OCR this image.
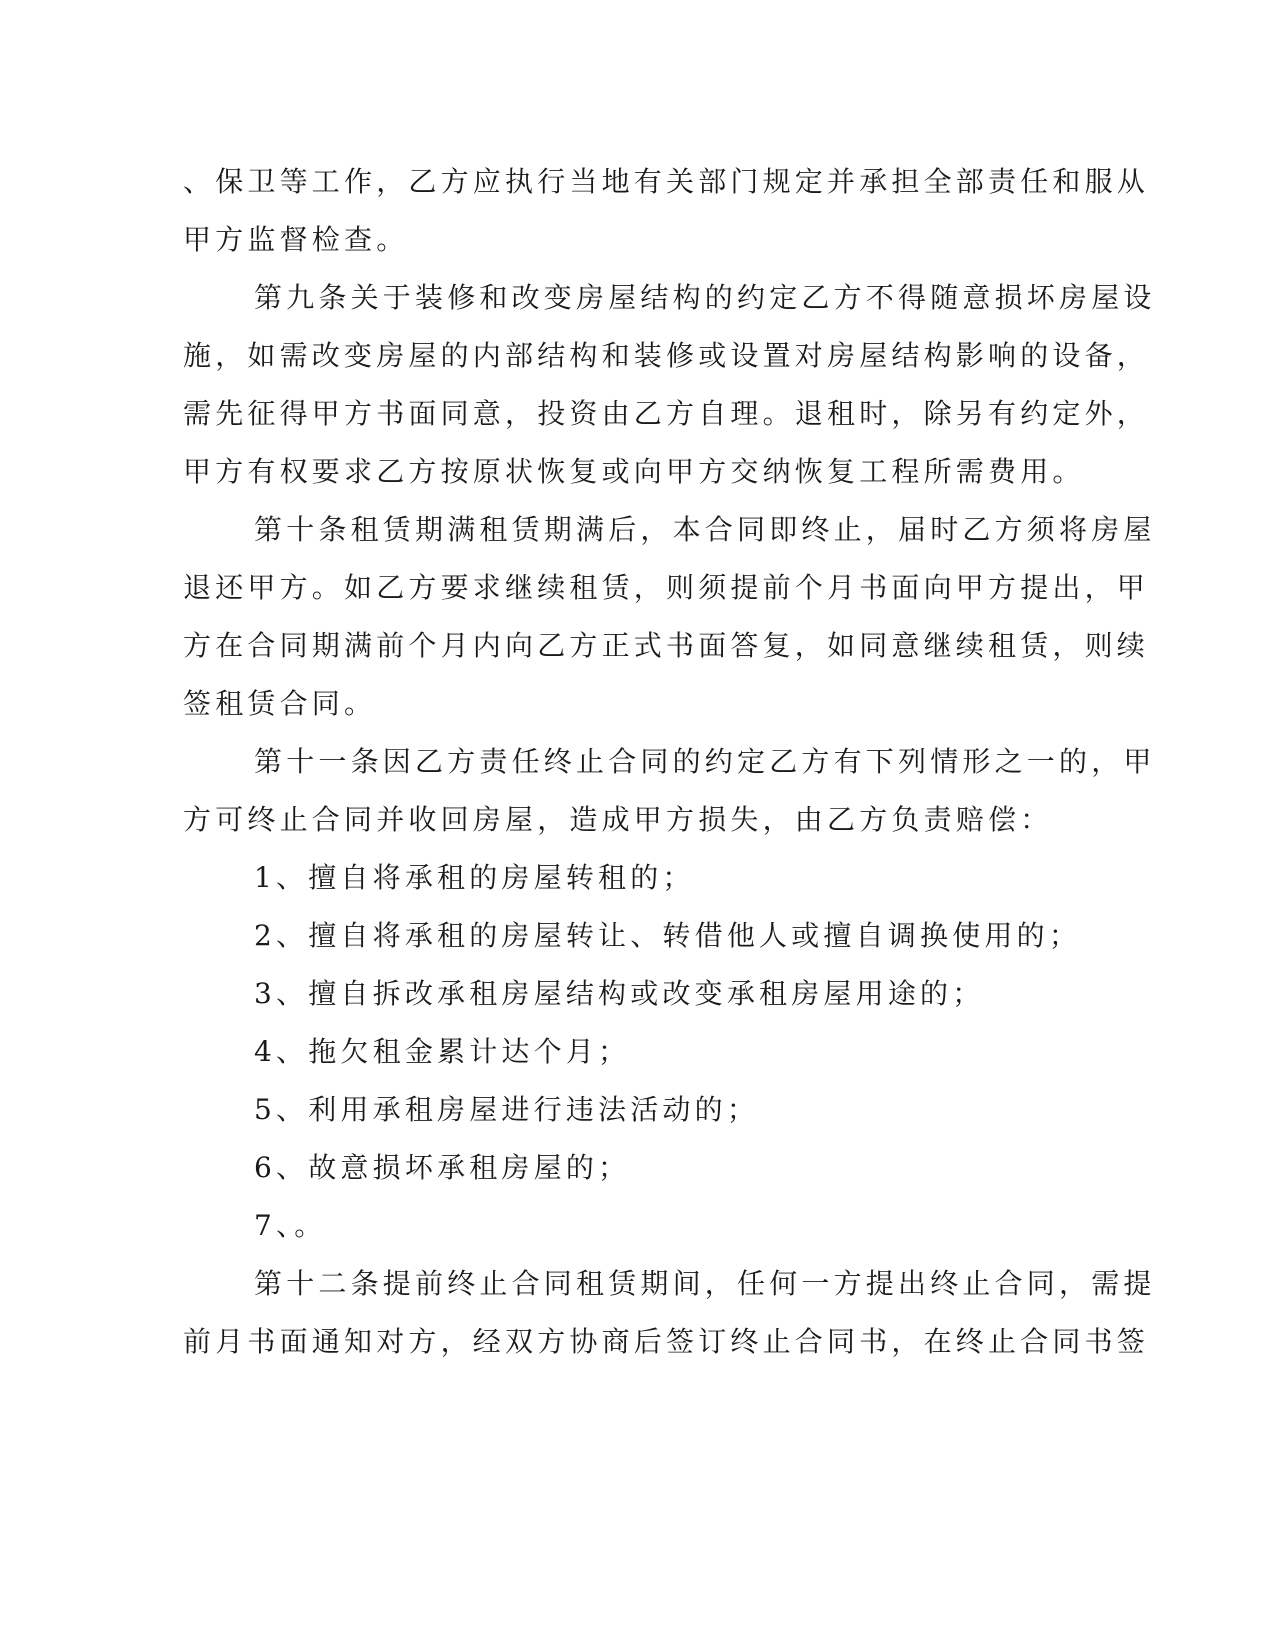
、保卫等工作，乙方应执行当地有关部门规定并承担全部责任和服从
甲方监督检查。
第九条关于装修和改变房屋结构的约定乙方不得随意损坏房屋设
施，如需改变房屋的内部结构和装修或设置对房屋结构影响的设备，
需先征得甲方书面同意，投资由乙方自理。退租时，除另有约定外，
甲方有权要求乙方按原状恢复或向甲方交纳恢复工程所需费用。
第十条租赁期满租赁期满后，本合同即终止，届时乙方须将房屋
退还甲方。如乙方要求继续租赁，则须提前个月书面向甲方提出，甲
方在合同期满前个月内向乙方正式书面答复，如同意继续租赁，则续
签租赁合同。
第十一条因乙方责任终止合同的约定乙方有下列情形之一的，甲
方可终止合同并收回房屋，造成甲方损失，由乙方负责赔偿：
1、擅自将承租的房屋转租的；
2、擅自将承租的房屋转让、转借他人或擅自调换使用的；
3、擅自拆改承租房屋结构或改变承租房屋用途的；
4、拖欠租金累计达个月；
5、利用承租房屋进行违法活动的；
6、故意损坏承租房屋的；
7、。
第十二条提前终止合同租赁期间，任何一方提出终止合同，需提
前月书面通知对方，经双方协商后签订终止合同书，在终止合同书签
